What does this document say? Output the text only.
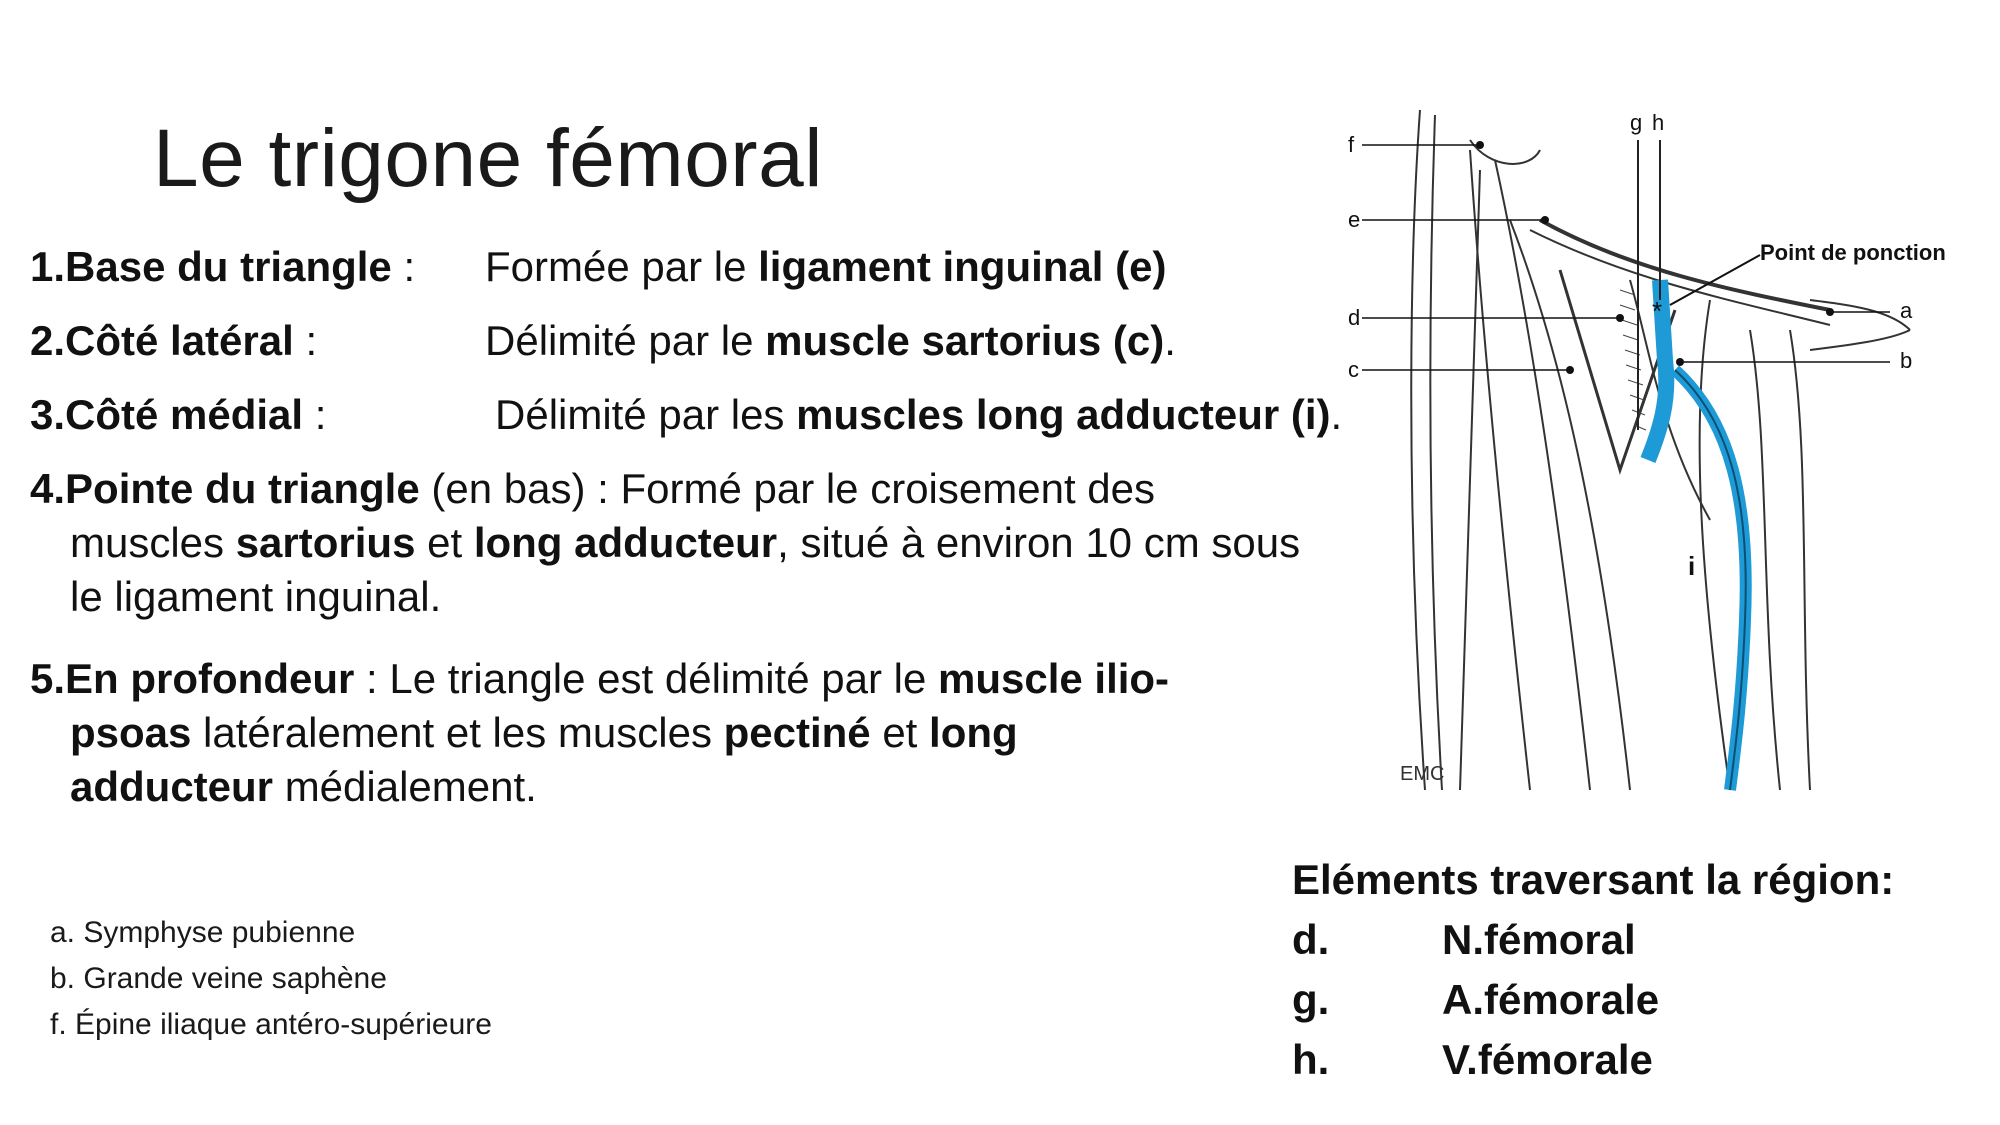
Le trigone fémoral
1.Base du triangle : Formée par le ligament inguinal (e)
2.Côté latéral :	Délimité par le muscle sartorius (c).
3.Côté médial :	Délimité par les muscles long adducteur (i).
4.Pointe du triangle (en bas) : Formé par le croisement des
muscles sartorius et long adducteur, situé à environ 10 cm sous
le ligament inguinal.
5.En profondeur : Le triangle est délimité par le muscle ilio-
psoas latéralement et les muscles pectiné et long
adducteur médialement.
a. Symphyse pubienne
b. Grande veine saphène
f. Épine iliaque antéro-supérieure
Eléments traversant la région:
d.	N.fémoral
g.	A.fémorale
h.	V.fémorale
*
f
e
d
c
g h
a
b
i
Point de ponction
EMC
